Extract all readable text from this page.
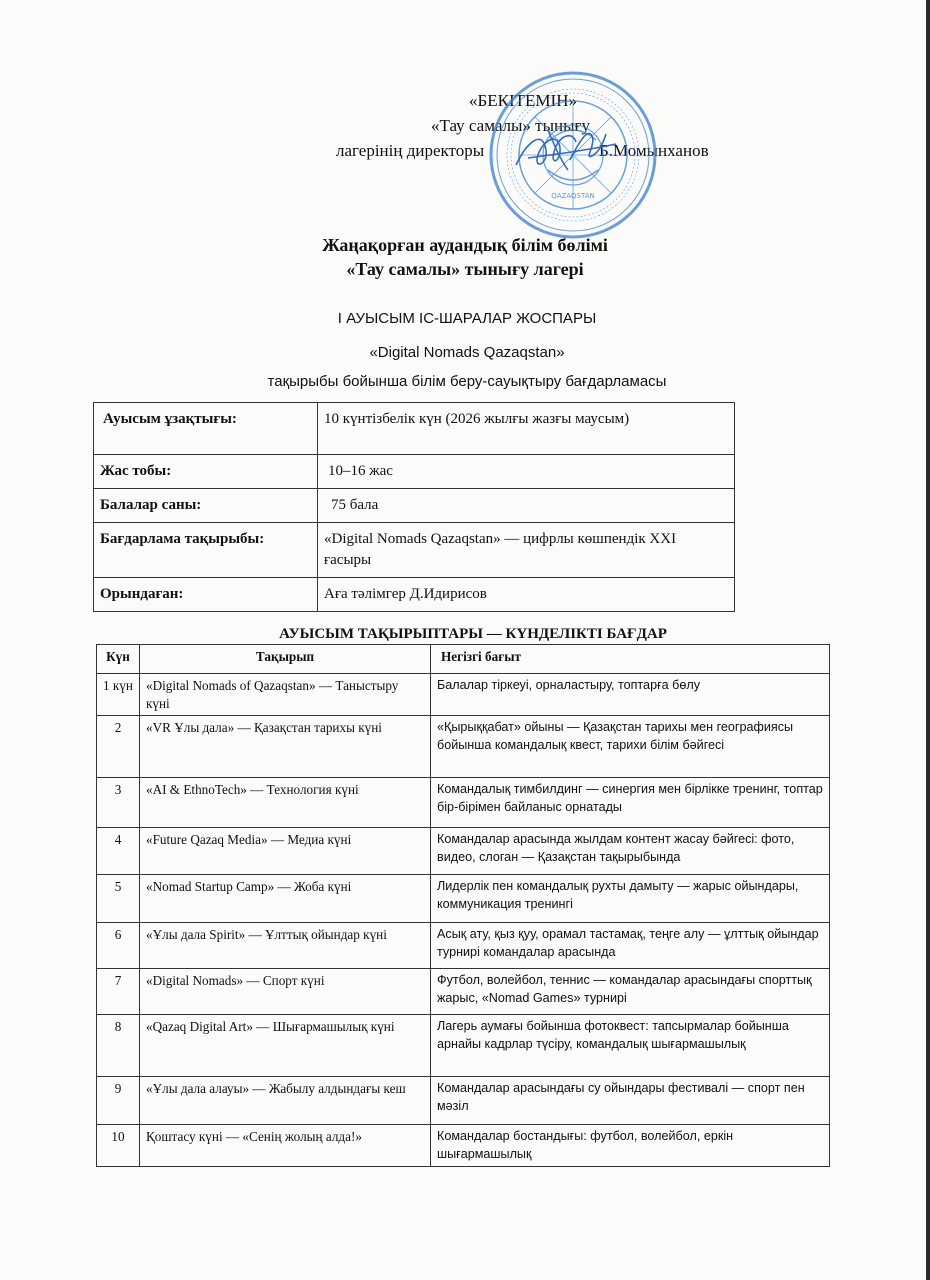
«БЕКІТЕМІН»
«Тау самалы» тынығу
лагерінің директоры	Б.Момынханов
QAZAQSTAN
Жаңақорған аудандық білім бөлімі
«Тау самалы» тынығу лагері
І АУЫСЫМ ІС-ШАРАЛАР ЖОСПАРЫ
«Digital Nomads Qazaqstan»
тақырыбы бойынша білім беру-сауықтыру бағдарламасы
Ауысым ұзақтығы:	10 күнтізбелік күн (2026 жылғы жазғы маусым)
Жас тобы:	10–16 жас
Балалар саны:	75 бала
Бағдарлама тақырыбы:	«Digital Nomads Qazaqstan» — цифрлы көшпендік XXI ғасыры
Орындаған:	Аға тәлімгер Д.Идирисов
АУЫСЫМ ТАҚЫРЫПТАРЫ — КҮНДЕЛІКТІ БАҒДАР
Күн	Тақырып	Негізгі бағыт
1 күн	«Digital Nomads of Qazaqstan» — Таныстыру күні	Балалар тіркеуі, орналастыру, топтарға бөлу
2	«VR Ұлы дала» — Қазақстан тарихы күні	«Қырыққабат» ойыны — Қазақстан тарихы мен географиясы бойынша командалық квест, тарихи білім бәйгесі
3	«AI & EthnoTech» — Технология күні	Командалық тимбилдинг — синергия мен бірлікке тренинг, топтар бір-бірімен байланыс орнатады
4	«Future Qazaq Media» — Медиа күні	Командалар арасында жылдам контент жасау бәйгесі: фото, видео, слоган — Қазақстан тақырыбында
5	«Nomad Startup Camp» — Жоба күні	Лидерлік пен командалық рухты дамыту — жарыс ойындары, коммуникация тренингі
6	«Ұлы дала Spirit» — Ұлттық ойындар күні	Асық ату, қыз қуу, орамал тастамақ, теңге алу — ұлттық ойындар турнирі командалар арасында
7	«Digital Nomads» — Спорт күні	Футбол, волейбол, теннис — командалар арасындағы спорттық жарыс, «Nomad Games» турнирі
8	«Qazaq Digital Art» — Шығармашылық күні	Лагерь аумағы бойынша фотоквест: тапсырмалар бойынша арнайы кадрлар түсіру, командалық шығармашылық
9	«Ұлы дала алауы» — Жабылу алдындағы кеш	Командалар арасындағы су ойындары фестивалі — спорт пен мәзіл
10	Қоштасу күні — «Сенің жолың алда!»	Командалар бостандығы: футбол, волейбол, еркін шығармашылық
